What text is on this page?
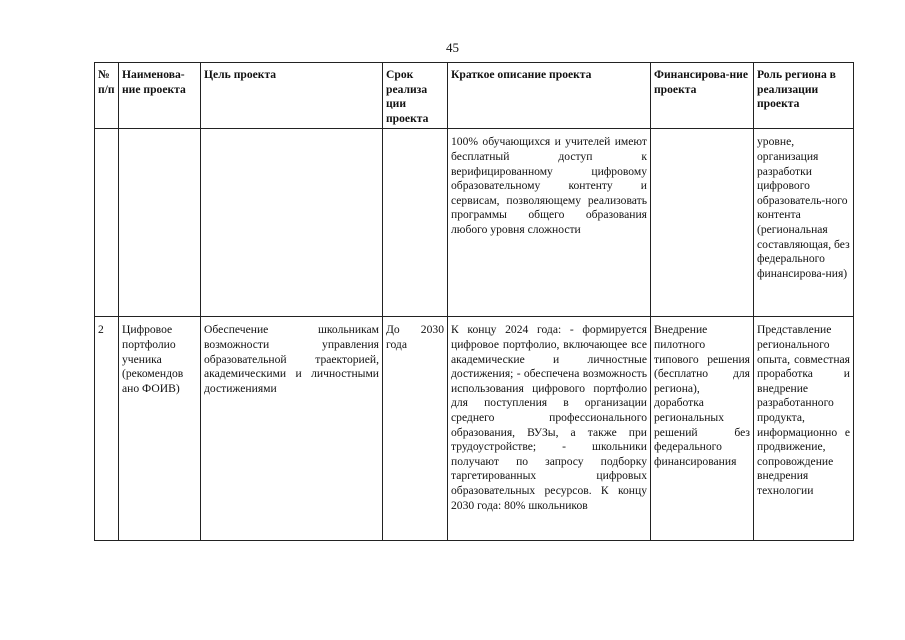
45
№ п/п	Наименова-ние проекта	Цель проекта	Срок реализа ции проекта	Краткое описание проекта	Финансирова-ние проекта	Роль региона в реализации проекта
				100% обучающихся и учителей имеют бесплатный доступ к верифицированному цифровому образовательному контенту и сервисам, позволяющему реализовать программы общего образования любого уровня сложности		уровне, организация разработки цифрового образователь-ного контента (региональная составляющая, без федерального финансирова-ния)
2	Цифровое портфолио ученика (рекомендов ано ФОИВ)	Обеспечение школьникам возможности управления образовательной траекторией, академическими и личностными достижениями	До 2030 года	К концу 2024 года: - формируется цифровое портфолио, включающее все академические и личностные достижения; - обеспечена возможность использования цифрового портфолио для поступления в организации среднего профессионального образования, ВУЗы, а также при трудоустройстве; - школьники получают по запросу подборку таргетированных цифровых образовательных ресурсов. К концу 2030 года: 80% школьников	Внедрение пилотного типового решения (бесплатно для региона), доработка региональных решений без федерального финансирования	Представление регионального опыта, совместная проработка и внедрение разработанного продукта, информационно е продвижение, сопровождение внедрения технологии
